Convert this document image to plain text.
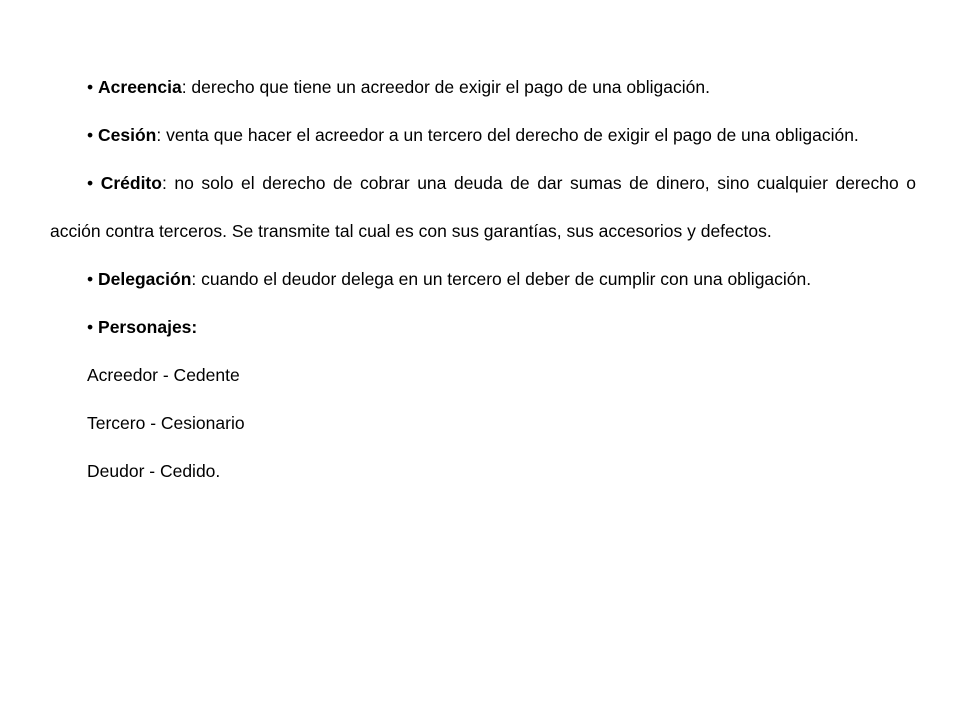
• Acreencia: derecho que tiene un acreedor de exigir el pago de una obligación.

• Cesión: venta que hacer el acreedor a un tercero del derecho de exigir el pago de una obligación.

• Crédito: no solo el derecho de cobrar una deuda de dar sumas de dinero, sino cualquier derecho o acción contra terceros. Se transmite tal cual es con sus garantías, sus accesorios y defectos.

• Delegación: cuando el deudor delega en un tercero el deber de cumplir con una obligación.

• Personajes:

Acreedor - Cedente

Tercero - Cesionario

Deudor - Cedido.
